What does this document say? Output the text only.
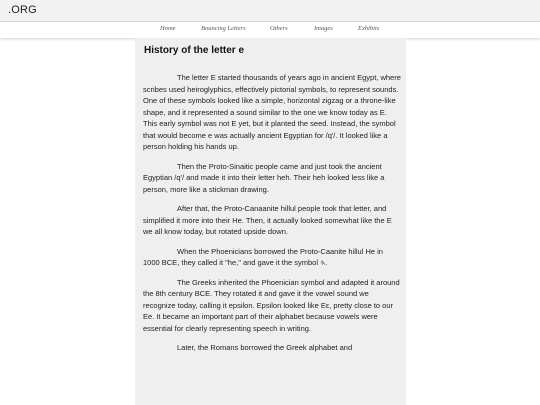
.ORG
Home	Bouncing Letters	Others	Images	Exhibits
History of the letter e

The letter E started thousands of years ago in ancient Egypt, where scribes used heiroglyphics, effectively pictorial symbols, to represent sounds. One of these symbols looked like a simple, horizontal zigzag or a throne-like shape, and it represented a sound similar to the one we know today as E. This early symbol was not E yet, but it planted the seed. Instead, the symbol that would become e was actually ancient Egyptian for /q'/. It looked like a person holding his hands up.

Then the Proto-Sinaitic people came and just took the ancient Egyptian /q'/ and made it into their letter heh. Their heh looked less like a person, more like a stickman drawing.

After that, the Proto-Canaanite hillul people took that letter, and simplified it more into their He. Then, it actually looked somewhat like the E we all know today, but rotated upside down.

When the Phoenicians borrowed the Proto-Caanite hillul He in 1000 BCE, they called it "he," and gave it the symbol 𐤄.

The Greeks inherited the Phoenician symbol and adapted it around the 8th century BCE. They rotated it and gave it the vowel sound we recognize today, calling it epsilon. Epsilon looked like Eε, pretty close to our Ee. It became an important part of their alphabet because vowels were essential for clearly representing speech in writing.

Later, the Romans borrowed the Greek alphabet and
